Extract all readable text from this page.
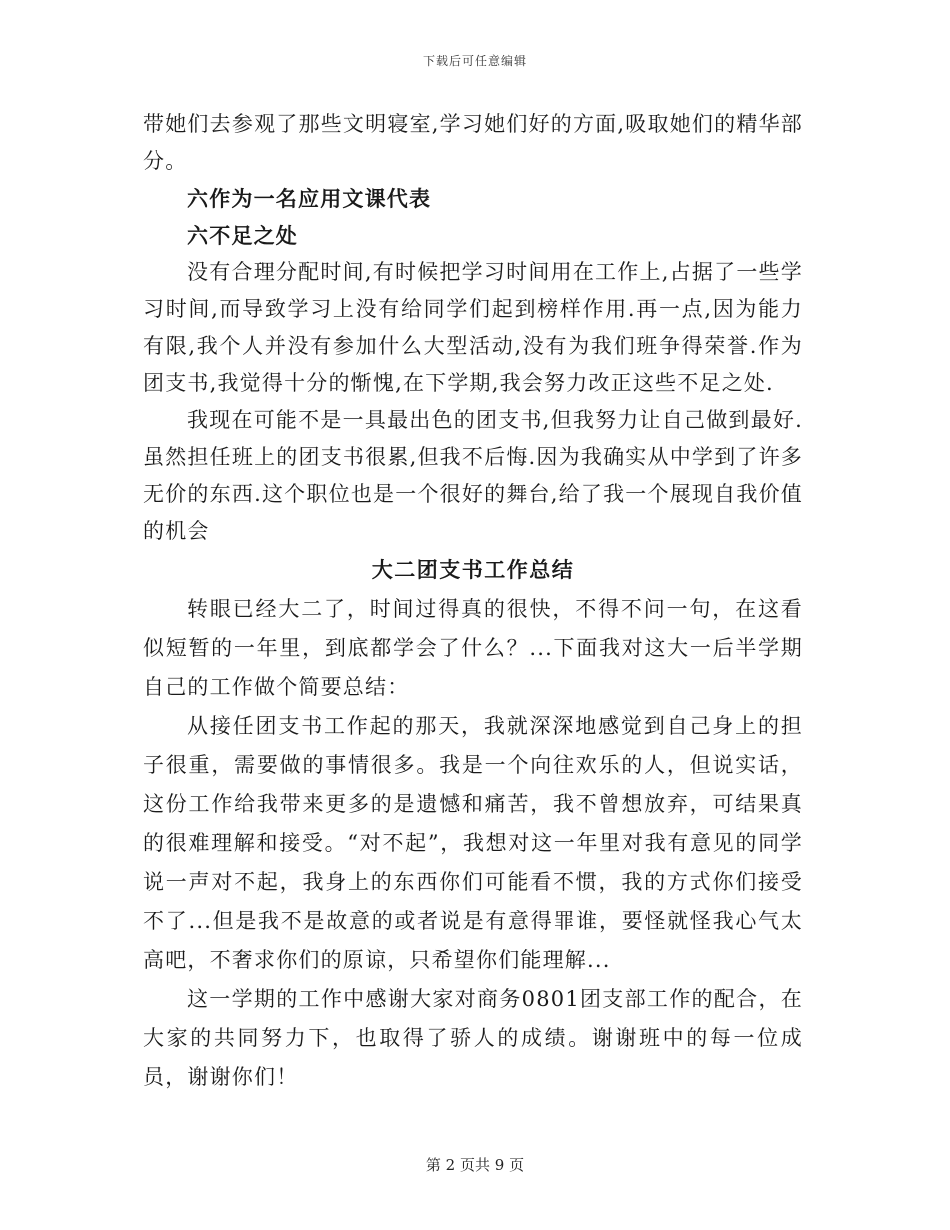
下载后可任意编辑

带她们去参观了那些文明寝室,学习她们好的方面,吸取她们的精华部分。

六作为一名应用文课代表

六不足之处

没有合理分配时间,有时候把学习时间用在工作上,占据了一些学习时间,而导致学习上没有给同学们起到榜样作用.再一点,因为能力有限,我个人并没有参加什么大型活动,没有为我们班争得荣誉.作为团支书,我觉得十分的惭愧,在下学期,我会努力改正这些不足之处.

我现在可能不是一具最出色的团支书,但我努力让自己做到最好.虽然担任班上的团支书很累,但我不后悔.因为我确实从中学到了许多无价的东西.这个职位也是一个很好的舞台,给了我一个展现自我价值的机会

大二团支书工作总结

转眼已经大二了，时间过得真的很快，不得不问一句，在这看似短暂的一年里，到底都学会了什么？...下面我对这大一后半学期自己的工作做个简要总结：

从接任团支书工作起的那天，我就深深地感觉到自己身上的担子很重，需要做的事情很多。我是一个向往欢乐的人，但说实话，这份工作给我带来更多的是遗憾和痛苦，我不曾想放弃，可结果真的很难理解和接受。“对不起”，我想对这一年里对我有意见的同学说一声对不起，我身上的东西你们可能看不惯，我的方式你们接受不了...但是我不是故意的或者说是有意得罪谁，要怪就怪我心气太高吧，不奢求你们的原谅，只希望你们能理解...

这一学期的工作中感谢大家对商务0801团支部工作的配合，在大家的共同努力下，也取得了骄人的成绩。谢谢班中的每一位成员，谢谢你们！

第 2 页共 9 页
